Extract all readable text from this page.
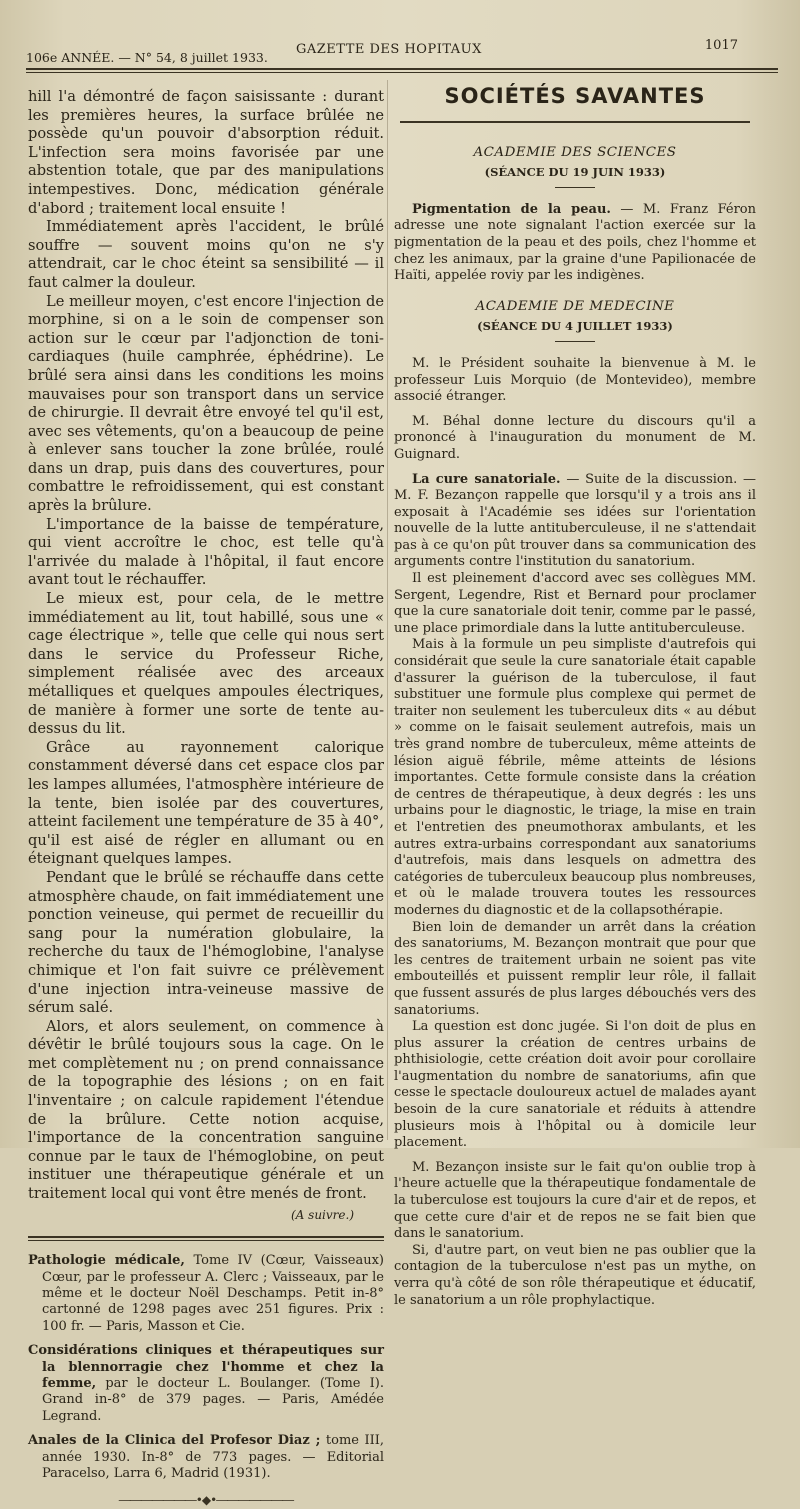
106e ANNÉE. — N° 54, 8 juillet 1933.
GAZETTE DES HOPITAUX	1017

hill l'a démontré de façon saisissante : durant les premières heures, la surface brûlée ne possède qu'un pouvoir d'absorption réduit. L'infection sera moins favorisée par une abstention totale, que par des manipulations intempestives. Donc, médication générale d'abord ; traitement local ensuite !

Immédiatement après l'accident, le brûlé souffre — souvent moins qu'on ne s'y attendrait, car le choc éteint sa sensibilité — il faut calmer la douleur.

Le meilleur moyen, c'est encore l'injection de morphine, si on a le soin de compenser son action sur le cœur par l'adjonction de toni-cardiaques (huile camphrée, éphédrine). Le brûlé sera ainsi dans les conditions les moins mauvaises pour son transport dans un service de chirurgie. Il devrait être envoyé tel qu'il est, avec ses vêtements, qu'on a beaucoup de peine à enlever sans toucher la zone brûlée, roulé dans un drap, puis dans des couvertures, pour combattre le refroidissement, qui est constant après la brûlure.

L'importance de la baisse de température, qui vient accroître le choc, est telle qu'à l'arrivée du malade à l'hôpital, il faut encore avant tout le réchauffer.

Le mieux est, pour cela, de le mettre immédiatement au lit, tout habillé, sous une « cage électrique », telle que celle qui nous sert dans le service du Professeur Riche, simplement réalisée avec des arceaux métalliques et quelques ampoules électriques, de manière à former une sorte de tente au-dessus du lit.

Grâce au rayonnement calorique constamment déversé dans cet espace clos par les lampes allumées, l'atmosphère intérieure de la tente, bien isolée par des couvertures, atteint facilement une température de 35 à 40°, qu'il est aisé de régler en allumant ou en éteignant quelques lampes.

Pendant que le brûlé se réchauffe dans cette atmosphère chaude, on fait immédiatement une ponction veineuse, qui permet de recueillir du sang pour la numération globulaire, la recherche du taux de l'hémoglobine, l'analyse chimique et l'on fait suivre ce prélèvement d'une injection intra-veineuse massive de sérum salé.

Alors, et alors seulement, on commence à dévêtir le brûlé toujours sous la cage. On le met complètement nu ; on prend connaissance de la topographie des lésions ; on en fait l'inventaire ; on calcule rapidement l'étendue de la brûlure. Cette notion acquise, l'importance de la concentration sanguine connue par le taux de l'hémoglobine, on peut instituer une thérapeutique générale et un traitement local qui vont être menés de front.

(A suivre.)
Pathologie médicale, Tome IV (Cœur, Vaisseaux) Cœur, par le professeur A. Clerc ; Vaisseaux, par le même et le docteur Noël Deschamps. Petit in-8° cartonné de 1298 pages avec 251 figures. Prix : 100 fr. — Paris, Masson et Cie.
Considérations cliniques et thérapeutiques sur la blennorragie chez l'homme et chez la femme, par le docteur L. Boulanger. (Tome I). Grand in-8° de 379 pages. — Paris, Amédée Legrand.
Anales de la Clinica del Profesor Diaz ; tome III, année 1930. In-8° de 773 pages. — Editorial Paracelso, Larra 6, Madrid (1931).
―――――――•◆•―――――――
SOCIÉTÉS SAVANTES
ACADEMIE DES SCIENCES
(SÉANCE DU 19 JUIN 1933)

Pigmentation de la peau. — M. Franz Féron adresse une note signalant l'action exercée sur la pigmentation de la peau et des poils, chez l'homme et chez les animaux, par la graine d'une Papilionacée de Haïti, appelée roviy par les indigènes.

ACADEMIE DE MEDECINE
(SÉANCE DU 4 JUILLET 1933)

M. le Président souhaite la bienvenue à M. le professeur Luis Morquio (de Montevideo), membre associé étranger.

M. Béhal donne lecture du discours qu'il a prononcé à l'inauguration du monument de M. Guignard.

La cure sanatoriale. — Suite de la discussion. — M. F. Bezançon rappelle que lorsqu'il y a trois ans il exposait à l'Académie ses idées sur l'orientation nouvelle de la lutte antituberculeuse, il ne s'attendait pas à ce qu'on pût trouver dans sa communication des arguments contre l'institution du sanatorium.

Il est pleinement d'accord avec ses collègues MM. Sergent, Legendre, Rist et Bernard pour proclamer que la cure sanatoriale doit tenir, comme par le passé, une place primordiale dans la lutte antituberculeuse.

Mais à la formule un peu simpliste d'autrefois qui considérait que seule la cure sanatoriale était capable d'assurer la guérison de la tuberculose, il faut substituer une formule plus complexe qui permet de traiter non seulement les tuberculeux dits « au début » comme on le faisait seulement autrefois, mais un très grand nombre de tuberculeux, même atteints de lésion aiguë fébrile, même atteints de lésions importantes. Cette formule consiste dans la création de centres de thérapeutique, à deux degrés : les uns urbains pour le diagnostic, le triage, la mise en train et l'entretien des pneumothorax ambulants, et les autres extra-urbains correspondant aux sanatoriums d'autrefois, mais dans lesquels on admettra des catégories de tuberculeux beaucoup plus nombreuses, et où le malade trouvera toutes les ressources modernes du diagnostic et de la collapsothérapie.

Bien loin de demander un arrêt dans la création des sanatoriums, M. Bezançon montrait que pour que les centres de traitement urbain ne soient pas vite embouteillés et puissent remplir leur rôle, il fallait que fussent assurés de plus larges débouchés vers des sanatoriums.

La question est donc jugée. Si l'on doit de plus en plus assurer la création de centres urbains de phthisiologie, cette création doit avoir pour corollaire l'augmentation du nombre de sanatoriums, afin que cesse le spectacle douloureux actuel de malades ayant besoin de la cure sanatoriale et réduits à attendre plusieurs mois à l'hôpital ou à domicile leur placement.

M. Bezançon insiste sur le fait qu'on oublie trop à l'heure actuelle que la thérapeutique fondamentale de la tuberculose est toujours la cure d'air et de repos, et que cette cure d'air et de repos ne se fait bien que dans le sanatorium.

Si, d'autre part, on veut bien ne pas oublier que la contagion de la tuberculose n'est pas un mythe, on verra qu'à côté de son rôle thérapeutique et éducatif, le sanatorium a un rôle prophylactique.
